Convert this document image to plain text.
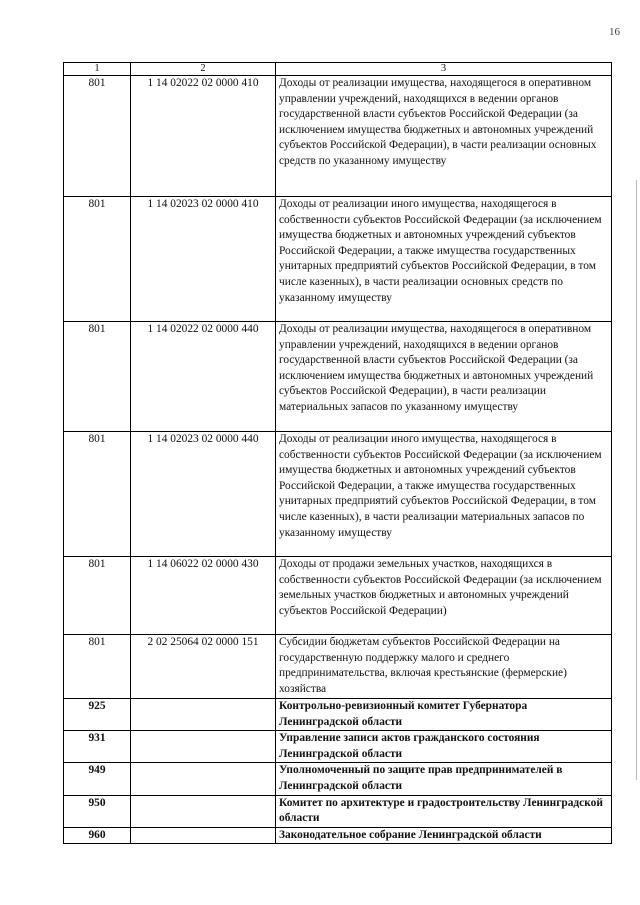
16
1	2	3
801	1 14 02022 02 0000 410	Доходы от реализации имущества, находящегося в оперативном управлении учреждений, находящихся в ведении органов государственной власти субъектов Российской Федерации (за исключением имущества бюджетных и автономных учреждений субъектов Российской Федерации), в части реализации основных средств по указанному имуществу
801	1 14 02023 02 0000 410	Доходы от реализации иного имущества, находящегося в собственности субъектов Российской Федерации (за исключением имущества бюджетных и автономных учреждений субъектов Российской Федерации, а также имущества государственных унитарных предприятий субъектов Российской Федерации, в том числе казенных), в части реализации основных средств по указанному имуществу
801	1 14 02022 02 0000 440	Доходы от реализации имущества, находящегося в оперативном управлении учреждений, находящихся в ведении органов государственной власти субъектов Российской Федерации (за исключением имущества бюджетных и автономных учреждений субъектов Российской Федерации), в части реализации материальных запасов по указанному имуществу
801	1 14 02023 02 0000 440	Доходы от реализации иного имущества, находящегося в собственности субъектов Российской Федерации (за исключением имущества бюджетных и автономных учреждений субъектов Российской Федерации, а также имущества государственных унитарных предприятий субъектов Российской Федерации, в том числе казенных), в части реализации материальных запасов по указанному имуществу
801	1 14 06022 02 0000 430	Доходы от продажи земельных участков, находящихся в собственности субъектов Российской Федерации (за исключением земельных участков бюджетных и автономных учреждений субъектов Российской Федерации)
801	2 02 25064 02 0000 151	Субсидии бюджетам субъектов Российской Федерации на государственную поддержку малого и среднего предпринимательства, включая крестьянские (фермерские) хозяйства
925		Контрольно-ревизионный комитет Губернатора Ленинградской области
931		Управление записи актов гражданского состояния Ленинградской области
949		Уполномоченный по защите прав предпринимателей в Ленинградской области
950		Комитет по архитектуре и градостроительству Ленинградской области
960		Законодательное собрание Ленинградской области
